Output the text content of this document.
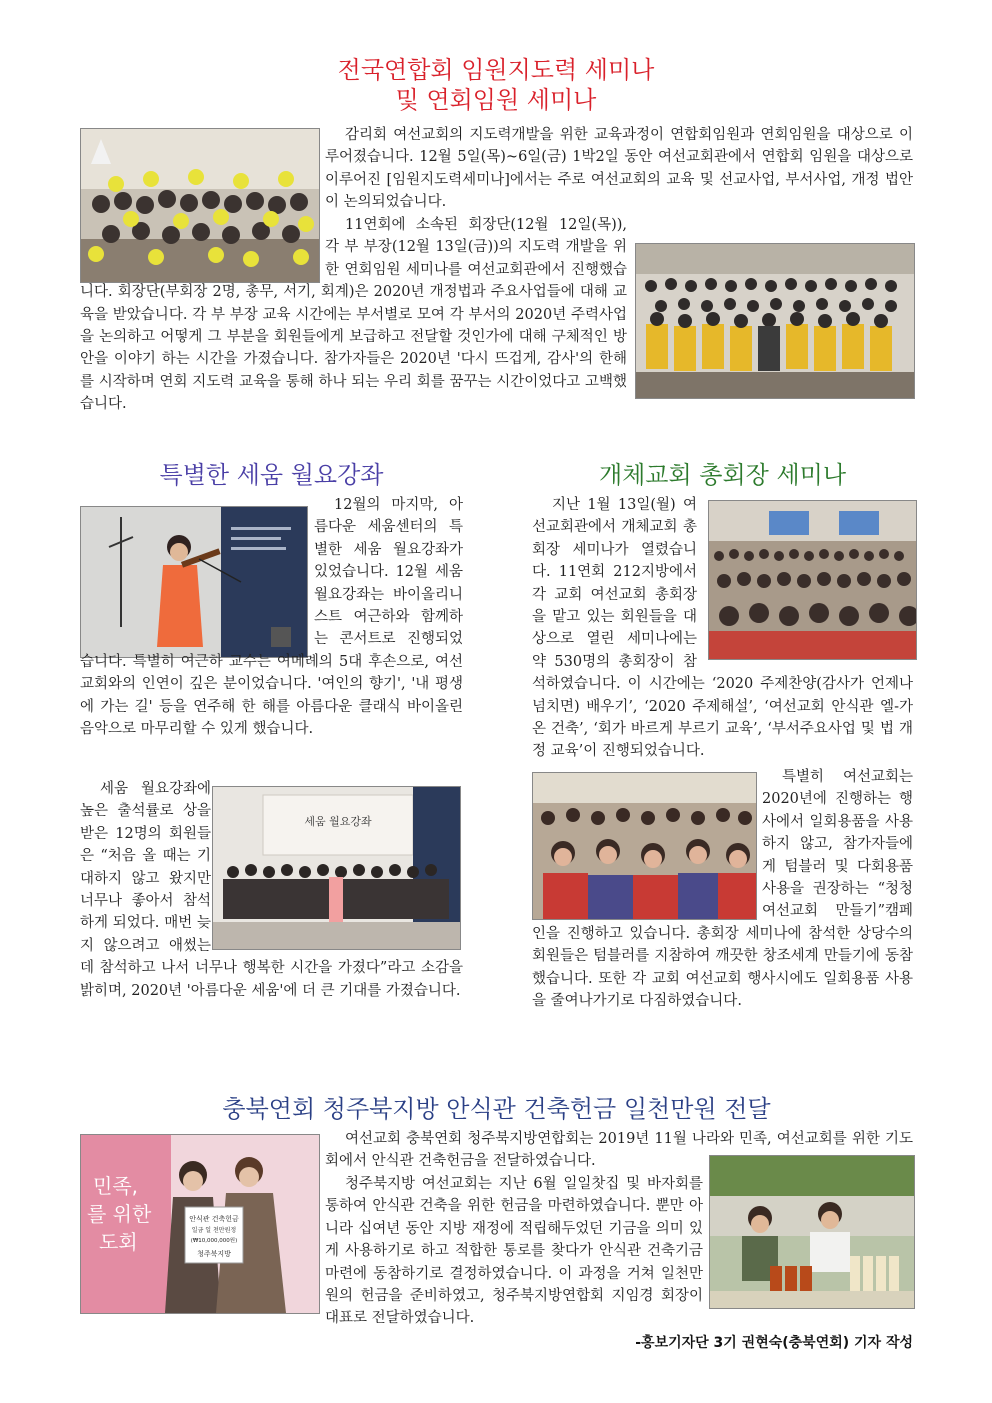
전국연합회 임원지도력 세미나
및 연회임원 세미나
감리회 여선교회의 지도력개발을 위한 교육과정이 연합회임원과 연회임원을 대상으로 이루어졌습니다. 12월 5일(목)~6일(금) 1박2일 동안 여선교회관에서 연합회 임원을 대상으로 이루어진 [임원지도력세미나]에서는 주로 여선교회의 교육 및 선교사업, 부서사업, 개정 법안이 논의되었습니다.
11연회에 소속된 회장단(12월 12일(목)), 각 부 부장(12월 13일(금))의 지도력 개발을 위한 연회임원 세미나를 여선교회관에서 진행했습니다. 회장단(부회장 2명, 총무, 서기, 회계)은 2020년 개정법과 주요사업들에 대해 교육을 받았습니다. 각 부 부장 교육 시간에는 부서별로 모여 각 부서의 2020년 주력사업을 논의하고 어떻게 그 부분을 회원들에게 보급하고 전달할 것인가에 대해 구체적인 방안을 이야기 하는 시간을 가졌습니다. 참가자들은 2020년 '다시 뜨겁게, 감사'의 한해를 시작하며 연회 지도력 교육을 통해 하나 되는 우리 회를 꿈꾸는 시간이었다고 고백했습니다.
특별한 세움 월요강좌
12월의 마지막, 아름다운 세움센터의 특별한 세움 월요강좌가 있었습니다. 12월 세움 월요강좌는 바이올리니스트 여근하와 함께하는 콘서트로 진행되었습니다. 특별히 여근하 교수는 여메례의 5대 후손으로, 여선교회와의 인연이 깊은 분이었습니다. '여인의 향기', '내 평생에 가는 길' 등을 연주해 한 해를 아름다운 클래식 바이올린 음악으로 마무리할 수 있게 했습니다.
세움 월요강좌
세움 월요강좌에 높은 출석률로 상을 받은 12명의 회원들은 “처음 올 때는 기대하지 않고 왔지만 너무나 좋아서 참석하게 되었다. 매번 늦지 않으려고 애썼는데 참석하고 나서 너무나 행복한 시간을 가졌다”라고 소감을 밝히며, 2020년 '아름다운 세움'에 더 큰 기대를 가졌습니다.
개체교회 총회장 세미나
지난 1월 13일(월) 여선교회관에서 개체교회 총회장 세미나가 열렸습니다. 11연회 212지방에서 각 교회 여선교회 총회장을 맡고 있는 회원들을 대상으로 열린 세미나에는 약 530명의 총회장이 참석하였습니다. 이 시간에는 ‘2020 주제찬양(감사가 언제나 넘치면) 배우기’, ‘2020 주제해설’, ‘여선교회 안식관 엘-가온 건축’, ‘회가 바르게 부르기 교육’, ‘부서주요사업 및 법 개정 교육’이 진행되었습니다.
특별히 여선교회는 2020년에 진행하는 행사에서 일회용품을 사용하지 않고, 참가자들에게 텀블러 및 다회용품 사용을 권장하는 “청청 여선교회 만들기”캠페인을 진행하고 있습니다. 총회장 세미나에 참석한 상당수의 회원들은 텀블러를 지참하여 깨끗한 창조세계 만들기에 동참했습니다. 또한 각 교회 여선교회 행사시에도 일회용품 사용을 줄여나가기로 다짐하였습니다.
충북연회 청주북지방 안식관 건축헌금 일천만원 전달
민족,
를 위한
도회
안식관 건축헌금
일금 일 천만원정
(₩10,000,000원)
청주북지방
여선교회 충북연회 청주북지방연합회는 2019년 11월 나라와 민족, 여선교회를 위한 기도회에서 안식관 건축헌금을 전달하였습니다.
청주북지방 여선교회는 지난 6월 일일찻집 및 바자회를 통하여 안식관 건축을 위한 헌금을 마련하였습니다. 뿐만 아니라 십여년 동안 지방 재정에 적립해두었던 기금을 의미 있게 사용하기로 하고 적합한 통로를 찾다가 안식관 건축기금 마련에 동참하기로 결정하였습니다. 이 과정을 거쳐 일천만원의 헌금을 준비하였고, 청주북지방연합회 지임경 회장이 대표로 전달하였습니다.
-홍보기자단 3기 권현숙(충북연회) 기자 작성
